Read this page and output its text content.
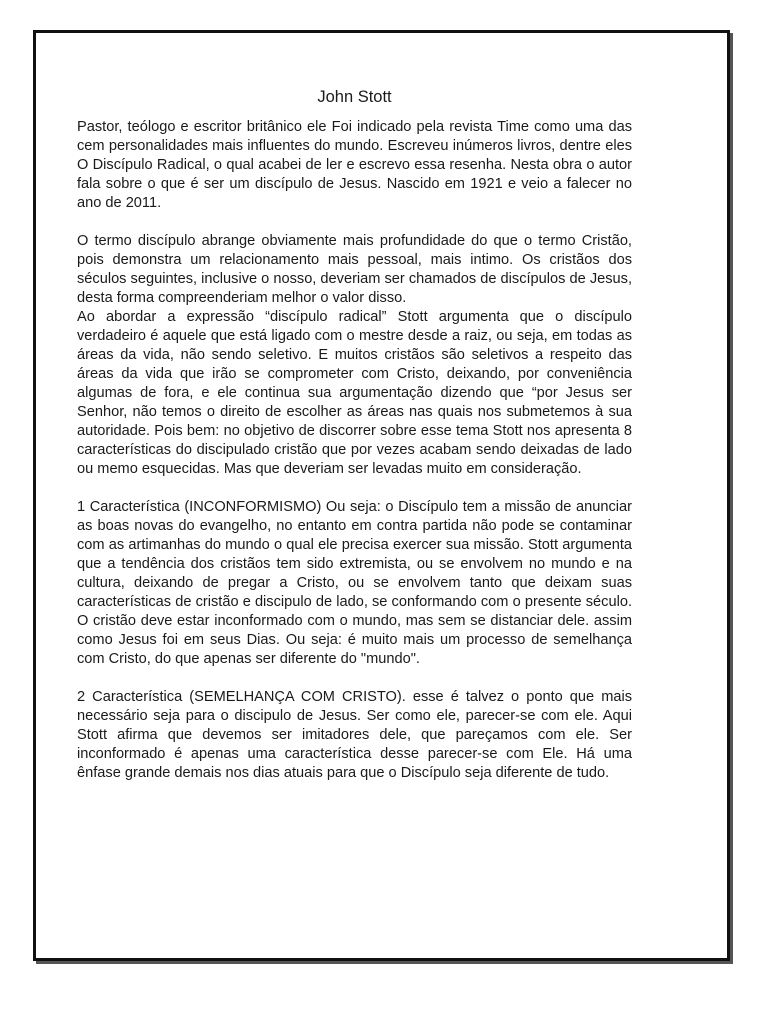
John Stott

Pastor, teólogo e escritor britânico ele Foi indicado pela revista Time como uma das cem personalidades mais influentes do mundo. Escreveu inúmeros livros, dentre eles O Discípulo Radical, o qual acabei de ler e escrevo essa resenha. Nesta obra o autor fala sobre o que é ser um discípulo de Jesus. Nascido em 1921 e veio a falecer no ano de 2011.

O termo discípulo abrange obviamente mais profundidade do que o termo Cristão, pois demonstra um relacionamento mais pessoal, mais intimo. Os cristãos dos séculos seguintes, inclusive o nosso, deveriam ser chamados de discípulos de Jesus, desta forma compreenderiam melhor o valor disso.

Ao abordar a expressão “discípulo radical” Stott argumenta que o discípulo verdadeiro é aquele que está ligado com o mestre desde a raiz, ou seja, em todas as áreas da vida, não sendo seletivo. E muitos cristãos são seletivos a respeito das áreas da vida que irão se comprometer com Cristo, deixando, por conveniência algumas de fora, e ele continua sua argumentação dizendo que “por Jesus ser Senhor, não temos o direito de escolher as áreas nas quais nos submetemos à sua autoridade. Pois bem: no objetivo de discorrer sobre esse tema Stott nos apresenta 8 características do discipulado cristão que por vezes acabam sendo deixadas de lado ou memo esquecidas. Mas que deveriam ser levadas muito em consideração.

1 Característica (INCONFORMISMO) Ou seja: o Discípulo tem a missão de anunciar as boas novas do evangelho, no entanto em contra partida não pode se contaminar com as artimanhas do mundo o qual ele precisa exercer sua missão. Stott argumenta que a tendência dos cristãos tem sido extremista, ou se envolvem no mundo e na cultura, deixando de pregar a Cristo, ou se envolvem tanto que deixam suas características de cristão e discipulo de lado, se conformando com o presente século. O cristão deve estar inconformado com o mundo, mas sem se distanciar dele. assim como Jesus foi em seus Dias. Ou seja: é muito mais um processo de semelhança com Cristo, do que apenas ser diferente do "mundo".

2 Característica (SEMELHANÇA COM CRISTO). esse é talvez o ponto que mais necessário seja para o discipulo de Jesus. Ser como ele, parecer-se com ele. Aqui Stott afirma que devemos ser imitadores dele, que pareçamos com ele. Ser inconformado é apenas uma característica desse parecer-se com Ele. Há uma ênfase grande demais nos dias atuais para que o Discípulo seja diferente de tudo.
